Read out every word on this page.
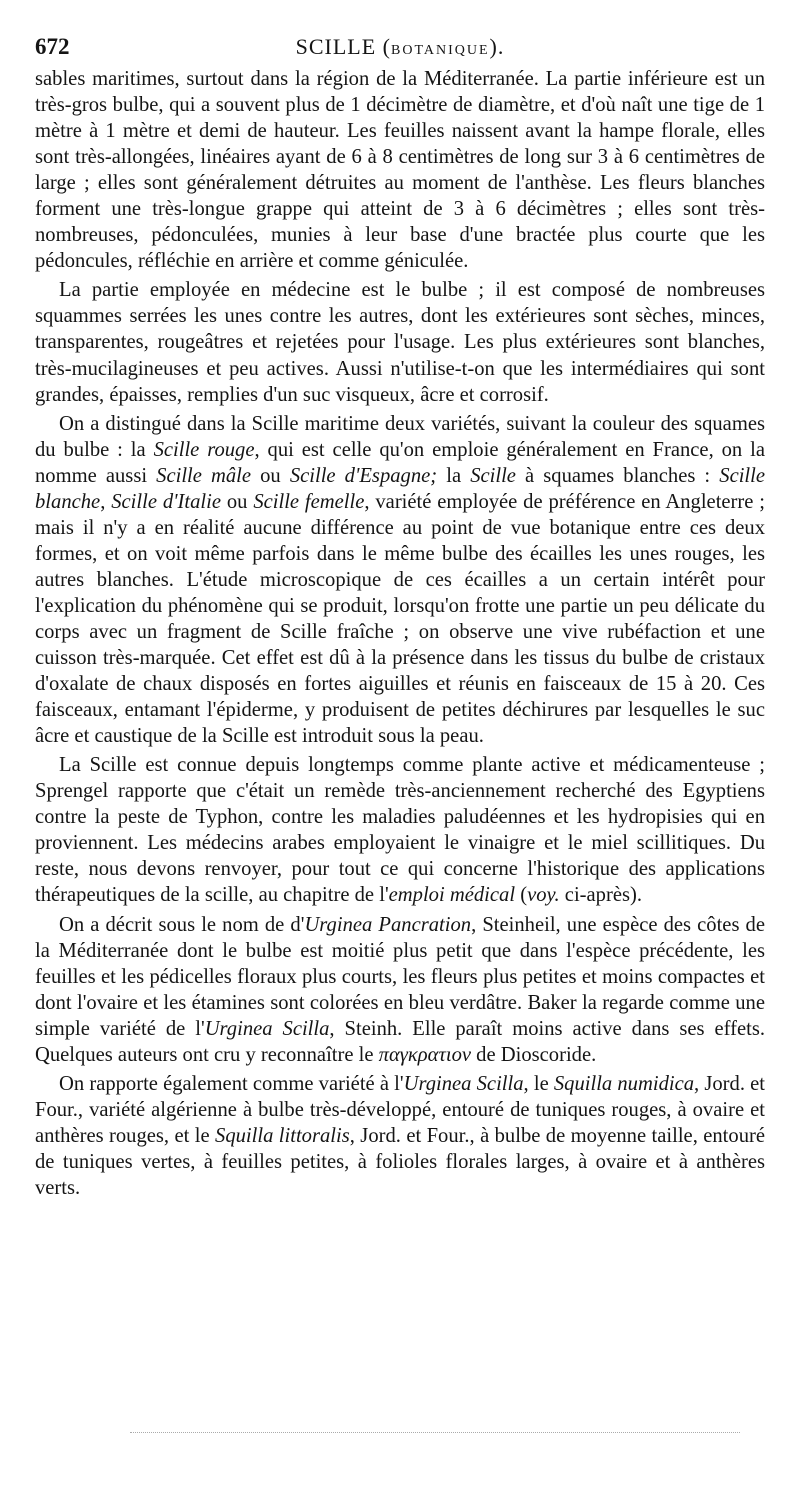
672	SCILLE (BOTANIQUE).

sables maritimes, surtout dans la région de la Méditerranée. La partie inférieure est un très-gros bulbe, qui a souvent plus de 1 décimètre de diamètre, et d'où naît une tige de 1 mètre à 1 mètre et demi de hauteur. Les feuilles naissent avant la hampe florale, elles sont très-allongées, linéaires ayant de 6 à 8 centimètres de long sur 3 à 6 centimètres de large ; elles sont généralement détruites au moment de l'anthèse. Les fleurs blanches forment une très-longue grappe qui atteint de 3 à 6 décimètres ; elles sont très-nombreuses, pédonculées, munies à leur base d'une bractée plus courte que les pédoncules, réfléchie en arrière et comme géniculée.

La partie employée en médecine est le bulbe ; il est composé de nombreuses squammes serrées les unes contre les autres, dont les extérieures sont sèches, minces, transparentes, rougeâtres et rejetées pour l'usage. Les plus extérieures sont blanches, très-mucilagineuses et peu actives. Aussi n'utilise-t-on que les intermédiaires qui sont grandes, épaisses, remplies d'un suc visqueux, âcre et corrosif.

On a distingué dans la Scille maritime deux variétés, suivant la couleur des squames du bulbe : la Scille rouge, qui est celle qu'on emploie généralement en France, on la nomme aussi Scille mâle ou Scille d'Espagne; la Scille à squames blanches : Scille blanche, Scille d'Italie ou Scille femelle, variété employée de préférence en Angleterre ; mais il n'y a en réalité aucune différence au point de vue botanique entre ces deux formes, et on voit même parfois dans le même bulbe des écailles les unes rouges, les autres blanches. L'étude microscopique de ces écailles a un certain intérêt pour l'explication du phénomène qui se produit, lorsqu'on frotte une partie un peu délicate du corps avec un fragment de Scille fraîche ; on observe une vive rubéfaction et une cuisson très-marquée. Cet effet est dû à la présence dans les tissus du bulbe de cristaux d'oxalate de chaux disposés en fortes aiguilles et réunis en faisceaux de 15 à 20. Ces faisceaux, entamant l'épiderme, y produisent de petites déchirures par lesquelles le suc âcre et caustique de la Scille est introduit sous la peau.

La Scille est connue depuis longtemps comme plante active et médicamenteuse ; Sprengel rapporte que c'était un remède très-anciennement recherché des Egyptiens contre la peste de Typhon, contre les maladies paludéennes et les hydropisies qui en proviennent. Les médecins arabes employaient le vinaigre et le miel scillitiques. Du reste, nous devons renvoyer, pour tout ce qui concerne l'historique des applications thérapeutiques de la scille, au chapitre de l'emploi médical (voy. ci-après).

On a décrit sous le nom de d'Urginea Pancration, Steinheil, une espèce des côtes de la Méditerranée dont le bulbe est moitié plus petit que dans l'espèce précédente, les feuilles et les pédicelles floraux plus courts, les fleurs plus petites et moins compactes et dont l'ovaire et les étamines sont colorées en bleu verdâtre. Baker la regarde comme une simple variété de l'Urginea Scilla, Steinh. Elle paraît moins active dans ses effets. Quelques auteurs ont cru y reconnaître le παγκρατιον de Dioscoride.

On rapporte également comme variété à l'Urginea Scilla, le Squilla numidica, Jord. et Four., variété algérienne à bulbe très-développé, entouré de tuniques rouges, à ovaire et anthères rouges, et le Squilla littoralis, Jord. et Four., à bulbe de moyenne taille, entouré de tuniques vertes, à feuilles petites, à folioles florales larges, à ovaire et à anthères verts.
